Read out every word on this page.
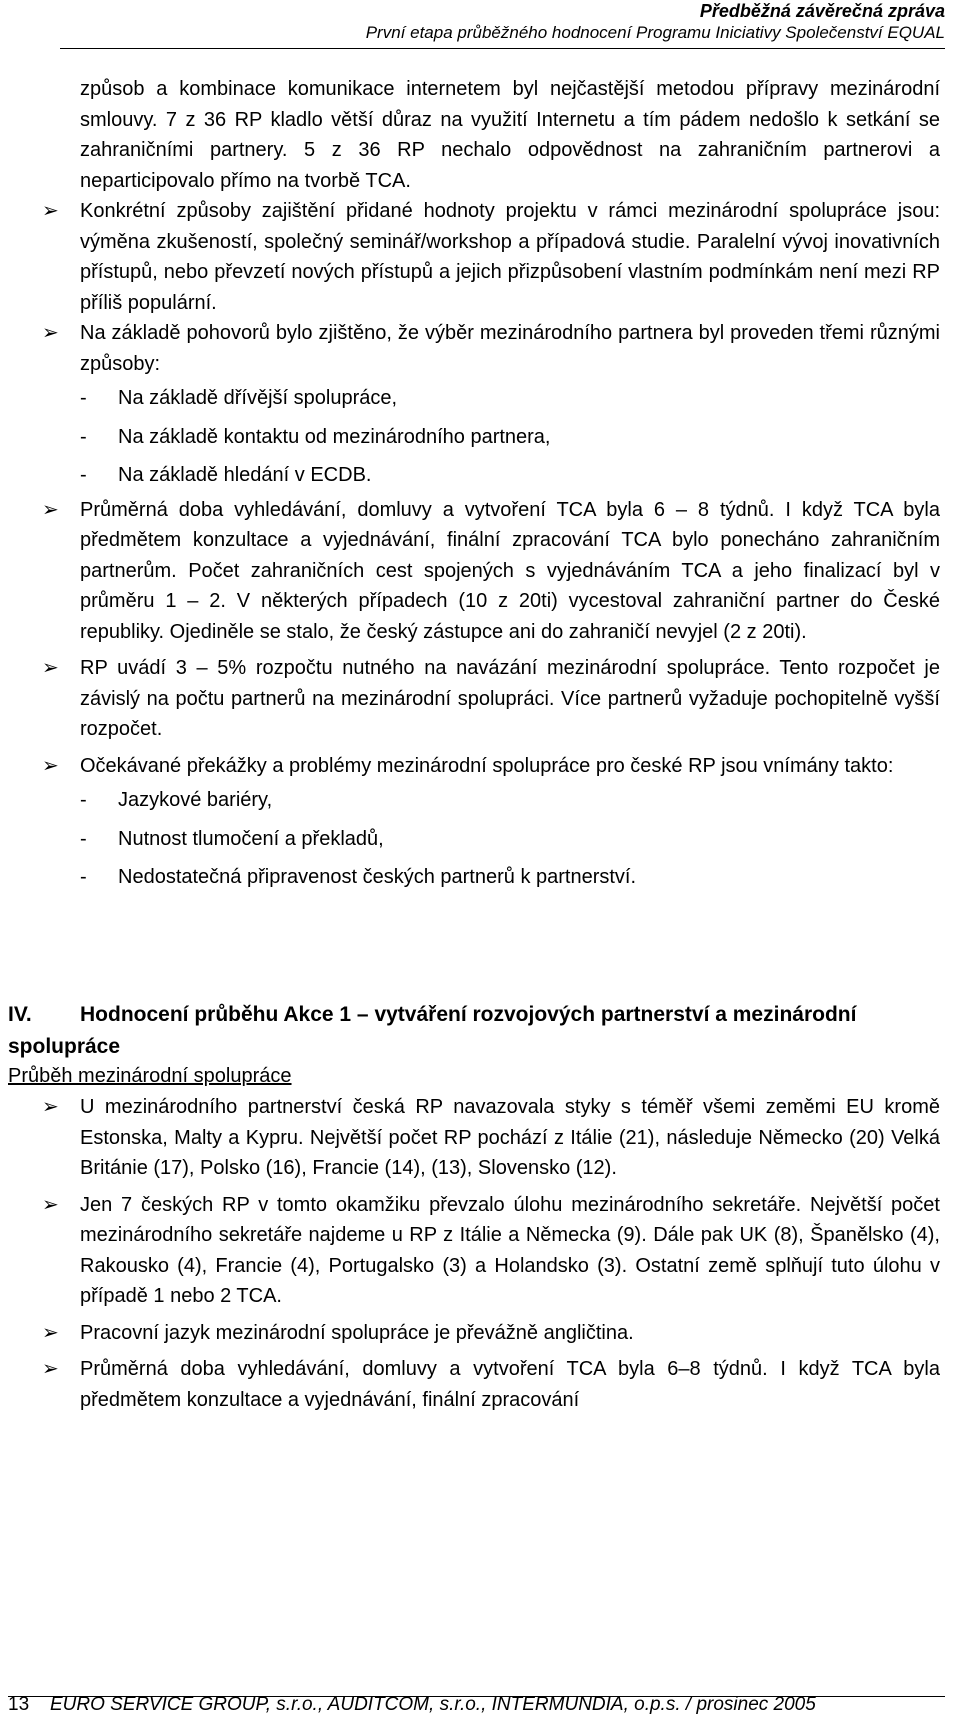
Předběžná závěrečná zpráva
První etapa průběžného hodnocení Programu Iniciativy Společenství EQUAL

způsob a kombinace komunikace internetem byl nejčastější metodou přípravy mezinárodní smlouvy. 7 z 36 RP kladlo větší důraz na využití Internetu a tím pádem nedošlo k setkání se zahraničními partnery. 5 z 36 RP nechalo odpovědnost na zahraničním partnerovi a neparticipovalo přímo na tvorbě TCA.

➢ Konkrétní způsoby zajištění přidané hodnoty projektu v rámci mezinárodní spolupráce jsou: výměna zkušeností, společný seminář/workshop a případová studie. Paralelní vývoj inovativních přístupů, nebo převzetí nových přístupů a jejich přizpůsobení vlastním podmínkám není mezi RP příliš populární.

➢ Na základě pohovorů bylo zjištěno, že výběr mezinárodního partnera byl proveden třemi různými způsoby:

-	Na základě dřívější spolupráce,
-	Na základě kontaktu od mezinárodního partnera,
-	Na základě hledání v ECDB.
➢ Průměrná doba vyhledávání, domluvy a vytvoření TCA byla 6 – 8 týdnů. I když TCA byla předmětem konzultace a vyjednávání, finální zpracování TCA bylo ponecháno zahraničním partnerům. Počet zahraničních cest spojených s vyjednáváním TCA a jeho finalizací byl v průměru 1 – 2. V některých případech (10 z 20ti) vycestoval zahraniční partner do České republiky. Ojediněle se stalo, že český zástupce ani do zahraničí nevyjel (2 z 20ti).

➢ RP uvádí 3 – 5% rozpočtu nutného na navázání mezinárodní spolupráce. Tento rozpočet je závislý na počtu partnerů na mezinárodní spolupráci. Více partnerů vyžaduje pochopitelně vyšší rozpočet.

➢ Očekávané překážky a problémy mezinárodní spolupráce pro české RP jsou vnímány takto:

-	Jazykové bariéry,
-	Nutnost tlumočení a překladů,
-	Nedostatečná připravenost českých partnerů k partnerství.
IV. Hodnocení průběhu Akce 1 – vytváření rozvojových partnerství a mezinárodní spolupráce
Průběh mezinárodní spolupráce
➢ U mezinárodního partnerství česká RP navazovala styky s téměř všemi zeměmi EU kromě Estonska, Malty a Kypru. Největší počet RP pochází z Itálie (21), následuje Německo (20) Velká Británie (17), Polsko (16), Francie (14), (13), Slovensko (12).

➢ Jen 7 českých RP v tomto okamžiku převzalo úlohu mezinárodního sekretáře. Největší počet mezinárodního sekretáře najdeme u RP z Itálie a Německa (9). Dále pak UK (8), Španělsko (4), Rakousko (4), Francie (4), Portugalsko (3) a Holandsko (3). Ostatní země splňují tuto úlohu v případě 1 nebo 2 TCA.

➢ Pracovní jazyk mezinárodní spolupráce je převážně angličtina.

➢ Průměrná doba vyhledávání, domluvy a vytvoření TCA byla 6–8 týdnů. I když TCA byla předmětem konzultace a vyjednávání, finální zpracování

13	EURO SERVICE GROUP, s.r.o., AUDITCOM, s.r.o., INTERMUNDIA, o.p.s. / prosinec 2005
